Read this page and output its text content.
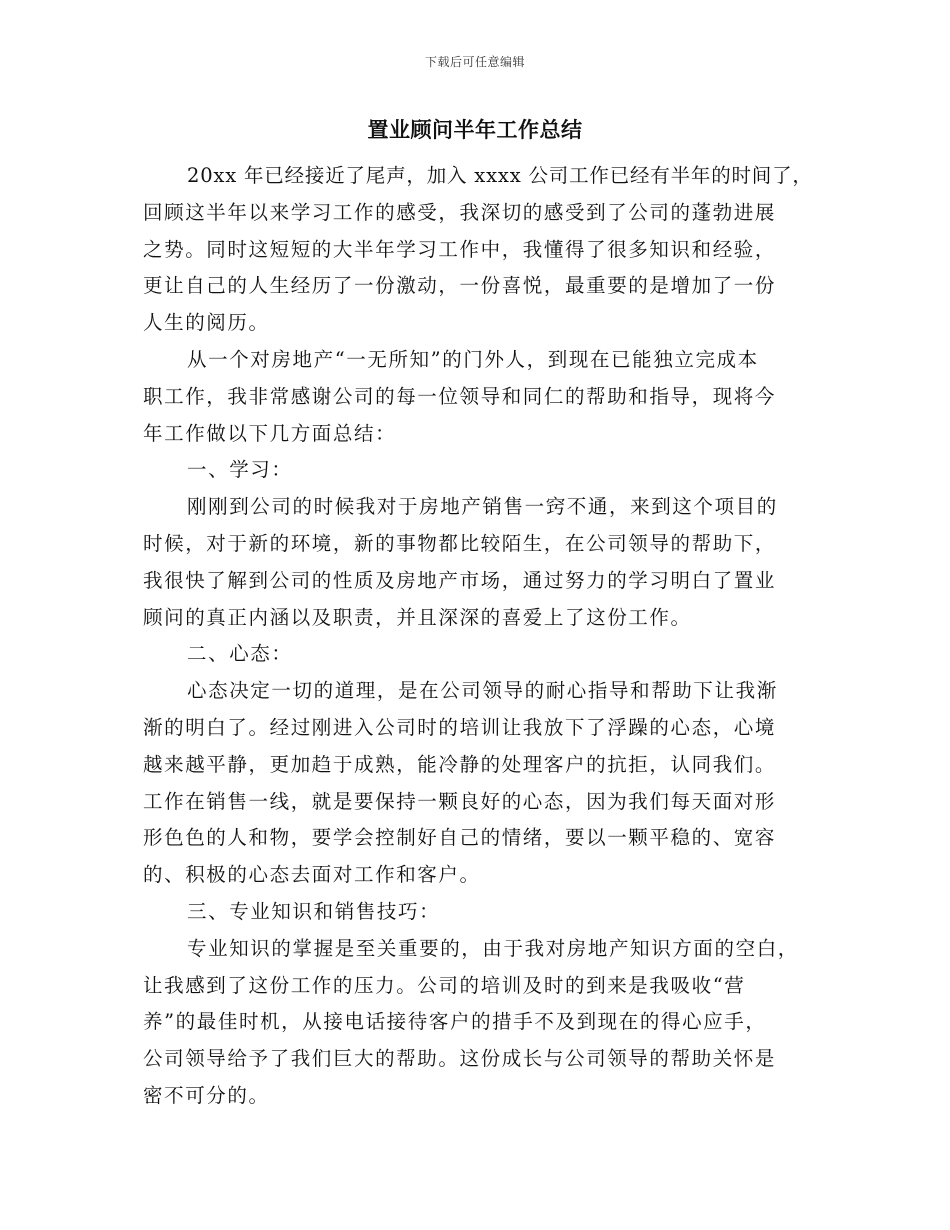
下载后可任意编辑
置业顾问半年工作总结
20xx 年已经接近了尾声，加入 xxxx 公司工作已经有半年的时间了，
回顾这半年以来学习工作的感受，我深切的感受到了公司的蓬勃进展
之势。同时这短短的大半年学习工作中，我懂得了很多知识和经验，
更让自己的人生经历了一份激动，一份喜悦，最重要的是增加了一份
人生的阅历。
从一个对房地产“一无所知”的门外人，到现在已能独立完成本
职工作，我非常感谢公司的每一位领导和同仁的帮助和指导，现将今
年工作做以下几方面总结：
一、学习：
刚刚到公司的时候我对于房地产销售一窍不通，来到这个项目的
时候，对于新的环境，新的事物都比较陌生，在公司领导的帮助下，
我很快了解到公司的性质及房地产市场，通过努力的学习明白了置业
顾问的真正内涵以及职责，并且深深的喜爱上了这份工作。
二、心态：
心态决定一切的道理，是在公司领导的耐心指导和帮助下让我渐
渐的明白了。经过刚进入公司时的培训让我放下了浮躁的心态，心境
越来越平静，更加趋于成熟，能冷静的处理客户的抗拒，认同我们。
工作在销售一线，就是要保持一颗良好的心态，因为我们每天面对形
形色色的人和物，要学会控制好自己的情绪，要以一颗平稳的、宽容
的、积极的心态去面对工作和客户。
三、专业知识和销售技巧：
专业知识的掌握是至关重要的，由于我对房地产知识方面的空白，
让我感到了这份工作的压力。公司的培训及时的到来是我吸收“营
养”的最佳时机，从接电话接待客户的措手不及到现在的得心应手，
公司领导给予了我们巨大的帮助。这份成长与公司领导的帮助关怀是
密不可分的。
